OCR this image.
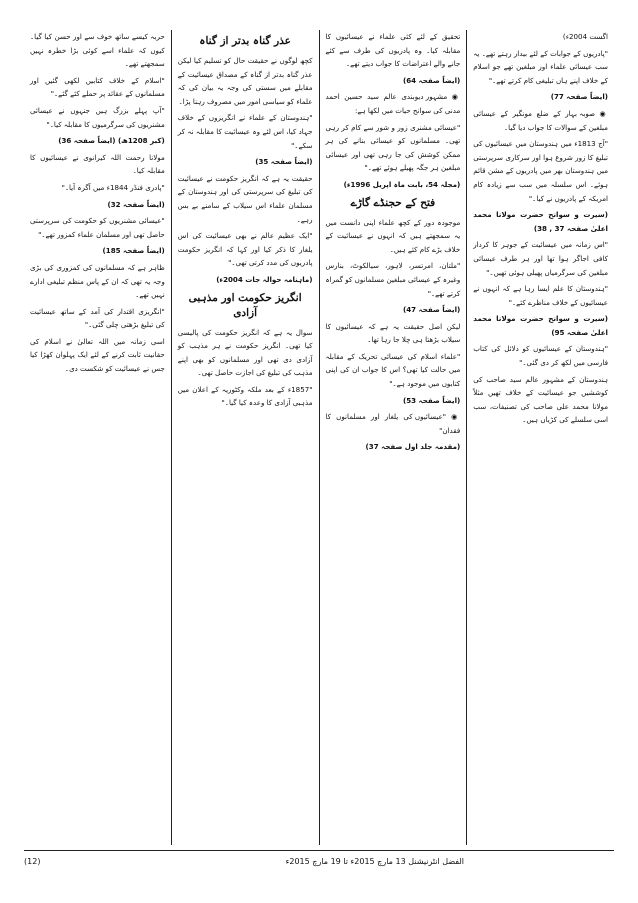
اگست 2004ء)

"پادریوں کے جوابات کے لئے بیدار رہتے تھے۔ یہ سب عیسائی علماء اور مبلغین تھے جو اسلام کے خلاف اپنے ہاں تبلیغی کام کرتے تھے۔"

(ایضاً صفحہ 77)

◉ صوبہ بہار کے ضلع مونگیر کے عیسائی مبلغین کے سوالات کا جواب دیا گیا۔

"آج 1813ء میں ہندوستان میں عیسائیوں کی تبلیغ کا زور شروع ہوا اور سرکاری سرپرستی میں ہندوستان بھر میں پادریوں کے مشن قائم ہوئے۔ اس سلسلہ میں سب سے زیادہ کام امریکہ کے پادریوں نے کیا۔"

(سیرت و سوانح حضرت مولانا محمد اعلیٰ صفحہ 37 , 38)

"اس زمانہ میں عیسائیت کے جوہر کا کردار کافی اجاگر ہوا تھا اور ہر طرف عیسائی مبلغین کی سرگرمیاں پھیلی ہوئی تھیں۔"

"ہندوستان کا علم ایسا رہا ہے کہ انہوں نے عیسائیوں کے خلاف مناظرے کئے۔"

(سیرت و سوانح حضرت مولانا محمد اعلیٰ صفحہ 95)

"ہندوستان کے عیسائیوں کو دلائل کی کتاب فارسی میں لکھ کر دی گئی۔"

ہندوستان کے مشہور عالم سید صاحب کی کوششیں جو عیسائیت کے خلاف تھیں مثلاً مولانا محمد علی صاحب کی تصنیفات، سب اسی سلسلے کی کڑیاں ہیں۔

تحقیق کے لئے کئی علماء نے عیسائیوں کا مقابلہ کیا۔ وہ پادریوں کی طرف سے کئے جانے والے اعتراضات کا جواب دیتے تھے۔

(ایضاً صفحہ 64)

◉ مشہور دیوبندی عالم سید حسین احمد مدنی کی سوانح حیات میں لکھا ہے:

"عیسائی مشنری زور و شور سے کام کر رہی تھی۔ مسلمانوں کو عیسائی بنانے کی ہر ممکن کوشش کی جا رہی تھی اور عیسائی مبلغین ہر جگہ پھیلے ہوئے تھے۔"

(مجلہ 54، بابت ماہ اپریل 1996ء)

فتح کے حجنڈے گاڑے

موجودہ دور کے کچھ علماء اپنی دانست میں یہ سمجھتے ہیں کہ انہوں نے عیسائیت کے خلاف بڑے کام کئے ہیں۔

"ملتان، امرتسر، لاہور، سیالکوٹ، بنارس وغیرہ کے عیسائی مبلغین مسلمانوں کو گمراہ کرتے تھے۔"

(ایضاً صفحہ 47)

لیکن اصل حقیقت یہ ہے کہ عیسائیوں کا سیلاب بڑھتا ہی چلا جا رہا تھا۔

"علماء اسلام کی عیسائی تحریک کے مقابلہ میں حالت کیا تھی؟ اس کا جواب ان کی اپنی کتابوں میں موجود ہے۔"

(ایضاً صفحہ 53)

◉ "عیسائیوں کی یلغار اور مسلمانوں کا فقدان"

(مقدمہ جلد اول صفحہ 37)

عذر گناہ بدتر از گناہ

کچھ لوگوں نے حقیقت حال کو تسلیم کیا لیکن عذر گناہ بدتر از گناہ کے مصداق عیسائیت کے مقابلے میں سستی کی وجہ یہ بیان کی کہ علماء کو سیاسی امور میں مصروف رہنا پڑا۔

"ہندوستان کے علماء نے انگریزوں کے خلاف جہاد کیا، اس لئے وہ عیسائیت کا مقابلہ نہ کر سکے۔"

(ایضاً صفحہ 35)

حقیقت یہ ہے کہ انگریز حکومت نے عیسائیت کی تبلیغ کی سرپرستی کی اور ہندوستان کے مسلمان علماء اس سیلاب کے سامنے بے بس رہے۔

"ایک عظیم عالم نے بھی عیسائیت کی اس یلغار کا ذکر کیا اور کہا کہ انگریز حکومت پادریوں کی مدد کرتی تھی۔"

(ماہنامہ حوالہ جات 2004ء)

انگریز حکومت اور مذہبی آزادی

سوال یہ ہے کہ انگریز حکومت کی پالیسی کیا تھی۔ انگریز حکومت نے ہر مذہب کو آزادی دی تھی اور مسلمانوں کو بھی اپنے مذہب کی تبلیغ کی اجازت حاصل تھی۔

"1857ء کے بعد ملکہ وکٹوریہ کے اعلان میں مذہبی آزادی کا وعدہ کیا گیا۔"

حربہ کیسے ساتھ خوف سے اور حسن کیا گیا۔ کیوں کہ علماء اسے کوئی بڑا خطرہ نہیں سمجھتے تھے۔

"اسلام کے خلاف کتابیں لکھی گئیں اور مسلمانوں کے عقائد پر حملے کئے گئے۔"

"آپ پہلے بزرگ ہیں جنہوں نے عیسائی مشنریوں کی سرگرمیوں کا مقابلہ کیا۔"

(کبر 1208ھ) (ایضاً صفحہ 36)

مولانا رحمت اللہ کیرانوی نے عیسائیوں کا مقابلہ کیا۔

"پادری فنڈر 1844ء میں آگرہ آیا۔"

(ایضاً صفحہ 32)

"عیسائی مشنریوں کو حکومت کی سرپرستی حاصل تھی اور مسلمان علماء کمزور تھے۔"

(ایضاً صفحہ 185)

ظاہر ہے کہ مسلمانوں کی کمزوری کی بڑی وجہ یہ تھی کہ ان کے پاس منظم تبلیغی ادارے نہیں تھے۔

"انگریزی اقتدار کی آمد کے ساتھ عیسائیت کی تبلیغ بڑھتی چلی گئی۔"

اسی زمانہ میں اللہ تعالیٰ نے اسلام کی حقانیت ثابت کرنے کے لئے ایک پہلوان کھڑا کیا جس نے عیسائیت کو شکست دی۔

الفضل انٹرنیشنل 13 مارچ 2015ء تا 19 مارچ 2015ء
(12)
